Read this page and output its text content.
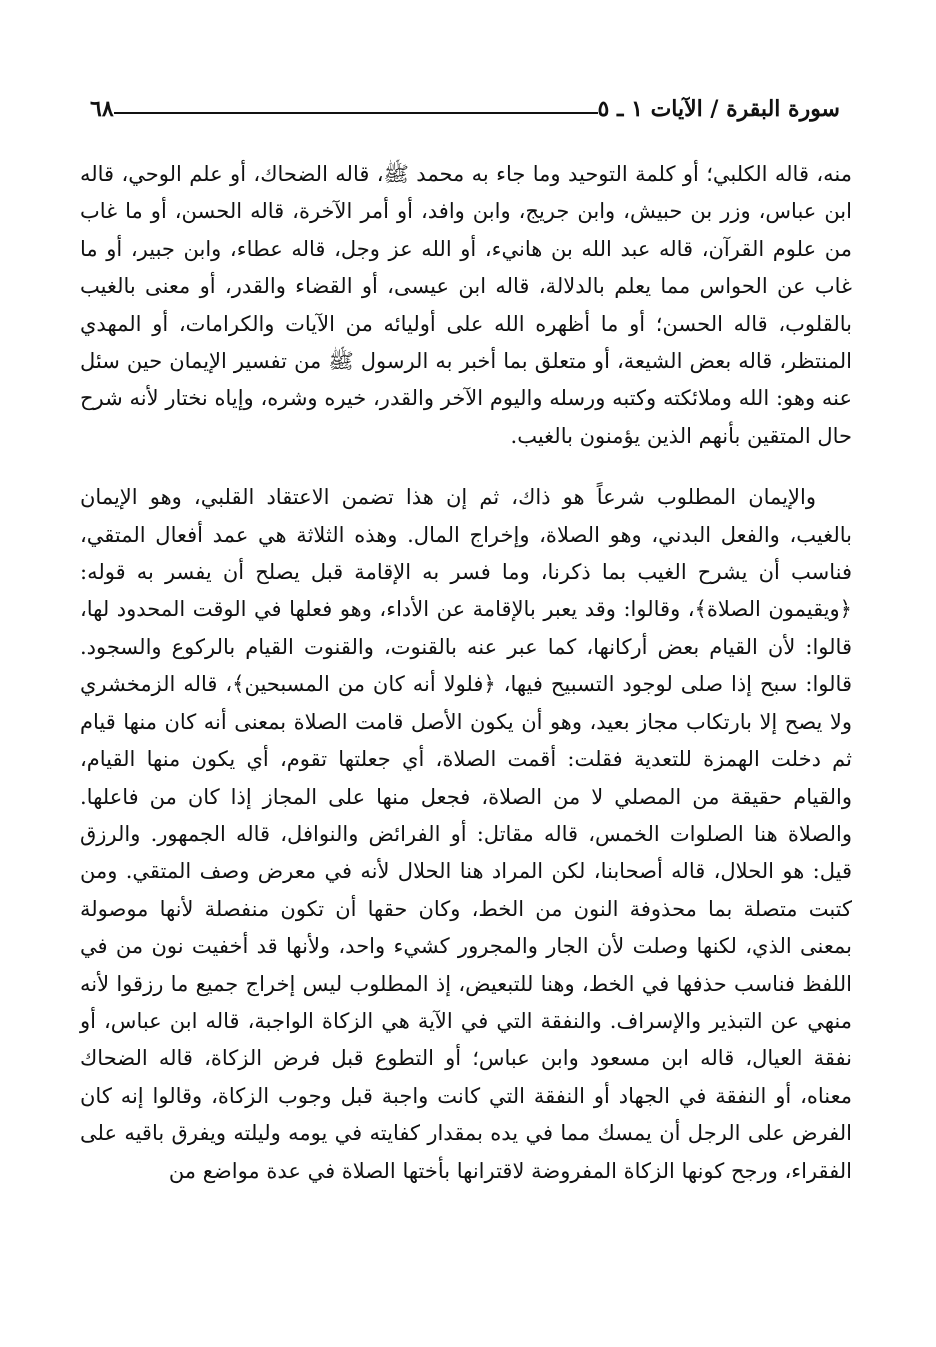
سورة البقرة / الآيات ١ ـ ٥
٦٨

منه، قاله الكلبي؛ أو كلمة التوحيد وما جاء به محمد ﷺ، قاله الضحاك، أو علم الوحي، قاله ابن عباس، وزر بن حبيش، وابن جريج، وابن وافد، أو أمر الآخرة، قاله الحسن، أو ما غاب من علوم القرآن، قاله عبد الله بن هانيء، أو الله عز وجل، قاله عطاء، وابن جبير، أو ما غاب عن الحواس مما يعلم بالدلالة، قاله ابن عيسى، أو القضاء والقدر، أو معنى بالغيب بالقلوب، قاله الحسن؛ أو ما أظهره الله على أوليائه من الآيات والكرامات، أو المهدي المنتظر، قاله بعض الشيعة، أو متعلق بما أخبر به الرسول ﷺ من تفسير الإيمان حين سئل عنه وهو: الله وملائكته وكتبه ورسله واليوم الآخر والقدر، خيره وشره، وإياه نختار لأنه شرح حال المتقين بأنهم الذين يؤمنون بالغيب.

والإيمان المطلوب شرعاً هو ذاك، ثم إن هذا تضمن الاعتقاد القلبي، وهو الإيمان بالغيب، والفعل البدني، وهو الصلاة، وإخراج المال. وهذه الثلاثة هي عمد أفعال المتقي، فناسب أن يشرح الغيب بما ذكرنا، وما فسر به الإقامة قبل يصلح أن يفسر به قوله: ﴿ويقيمون الصلاة﴾، وقالوا: وقد يعبر بالإقامة عن الأداء، وهو فعلها في الوقت المحدود لها، قالوا: لأن القيام بعض أركانها، كما عبر عنه بالقنوت، والقنوت القيام بالركوع والسجود. قالوا: سبح إذا صلى لوجود التسبيح فيها، ﴿فلولا أنه كان من المسبحين﴾، قاله الزمخشري ولا يصح إلا بارتكاب مجاز بعيد، وهو أن يكون الأصل قامت الصلاة بمعنى أنه كان منها قيام ثم دخلت الهمزة للتعدية فقلت: أقمت الصلاة، أي جعلتها تقوم، أي يكون منها القيام، والقيام حقيقة من المصلي لا من الصلاة، فجعل منها على المجاز إذا كان من فاعلها. والصلاة هنا الصلوات الخمس، قاله مقاتل: أو الفرائض والنوافل، قاله الجمهور. والرزق قيل: هو الحلال، قاله أصحابنا، لكن المراد هنا الحلال لأنه في معرض وصف المتقي. ومن كتبت متصلة بما محذوفة النون من الخط، وكان حقها أن تكون منفصلة لأنها موصولة بمعنى الذي، لكنها وصلت لأن الجار والمجرور كشيء واحد، ولأنها قد أخفيت نون من في اللفظ فناسب حذفها في الخط، وهنا للتبعيض، إذ المطلوب ليس إخراج جميع ما رزقوا لأنه منهي عن التبذير والإسراف. والنفقة التي في الآية هي الزكاة الواجبة، قاله ابن عباس، أو نفقة العيال، قاله ابن مسعود وابن عباس؛ أو التطوع قبل فرض الزكاة، قاله الضحاك معناه، أو النفقة في الجهاد أو النفقة التي كانت واجبة قبل وجوب الزكاة، وقالوا إنه كان الفرض على الرجل أن يمسك مما في يده بمقدار كفايته في يومه وليلته ويفرق باقيه على الفقراء، ورجح كونها الزكاة المفروضة لاقترانها بأختها الصلاة في عدة مواضع من
